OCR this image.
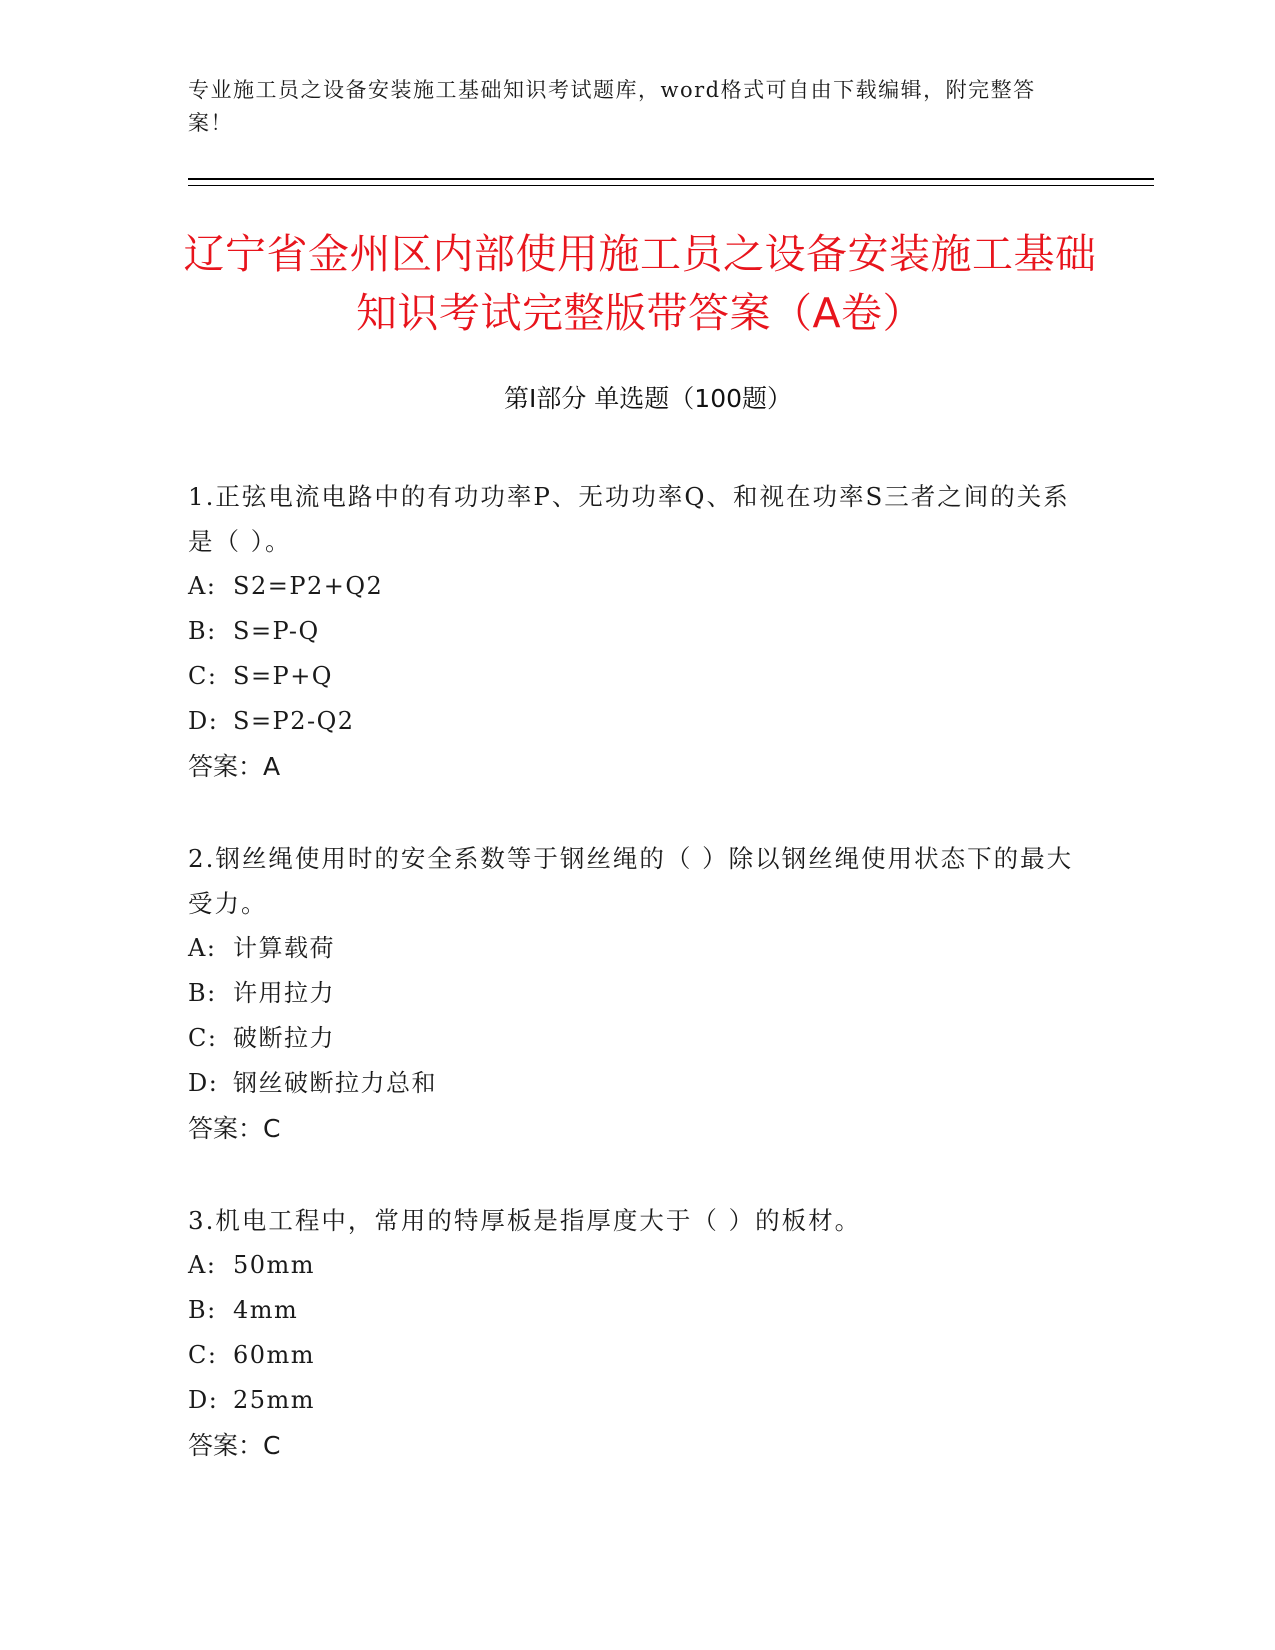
专业施工员之设备安装施工基础知识考试题库，word格式可自由下载编辑，附完整答案！
辽宁省金州区内部使用施工员之设备安装施工基础知识考试完整版带答案（A卷）
第Ⅰ部分 单选题（100题）

1.正弦电流电路中的有功功率P、无功功率Q、和视在功率S三者之间的关系是（ ）。

A: S2=P2+Q2

B: S=P-Q

C: S=P+Q

D: S=P2-Q2

答案：A

2.钢丝绳使用时的安全系数等于钢丝绳的（ ）除以钢丝绳使用状态下的最大受力。

A: 计算载荷

B: 许用拉力

C: 破断拉力

D: 钢丝破断拉力总和

答案：C

3.机电工程中，常用的特厚板是指厚度大于（ ）的板材。

A: 50mm

B: 4mm

C: 60mm

D: 25mm

答案：C
